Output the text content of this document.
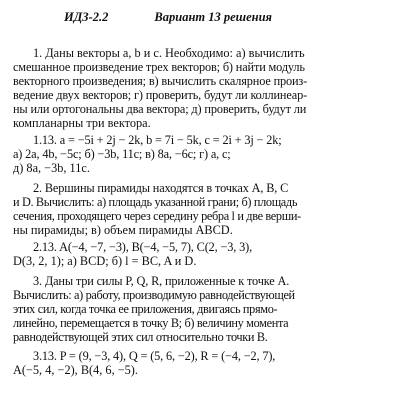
ИДЗ-2.2	Вариант 13 решения
1. Даны векторы a, b и c. Необходимо: а) вычислить
смешанное произведение трех векторов; б) найти модуль
векторного произведения; в) вычислить скалярное произ-
ведение двух векторов; г) проверить, будут ли коллинеар-
ны или ортогональны два вектора; д) проверить, будут ли
компланарны три вектора.
1.13. a = −5i + 2j − 2k, b = 7i − 5k, c = 2i + 3j − 2k;
а) 2a, 4b, −5c; б) −3b, 11c; в) 8a, −6c; г) a, c;
д) 8a, −3b, 11c.
2. Вершины пирамиды находятся в точках A, B, C
и D. Вычислить: а) площадь указанной грани; б) площадь
сечения, проходящего через середину ребра l и две верши-
ны пирамиды; в) объем пирамиды ABCD.
2.13. A(−4, −7, −3), B(−4, −5, 7), C(2, −3, 3),
D(3, 2, 1); а) BCD; б) l = BC, A и D.
3. Даны три силы P, Q, R, приложенные к точке A.
Вычислить: а) работу, производимую равнодействующей
этих сил, когда точка ее приложения, двигаясь прямо-
линейно, перемещается в точку B; б) величину момента
равнодействующей этих сил относительно точки B.
3.13. P = (9, −3, 4), Q = (5, 6, −2), R = (−4, −2, 7),
A(−5, 4, −2), B(4, 6, −5).
